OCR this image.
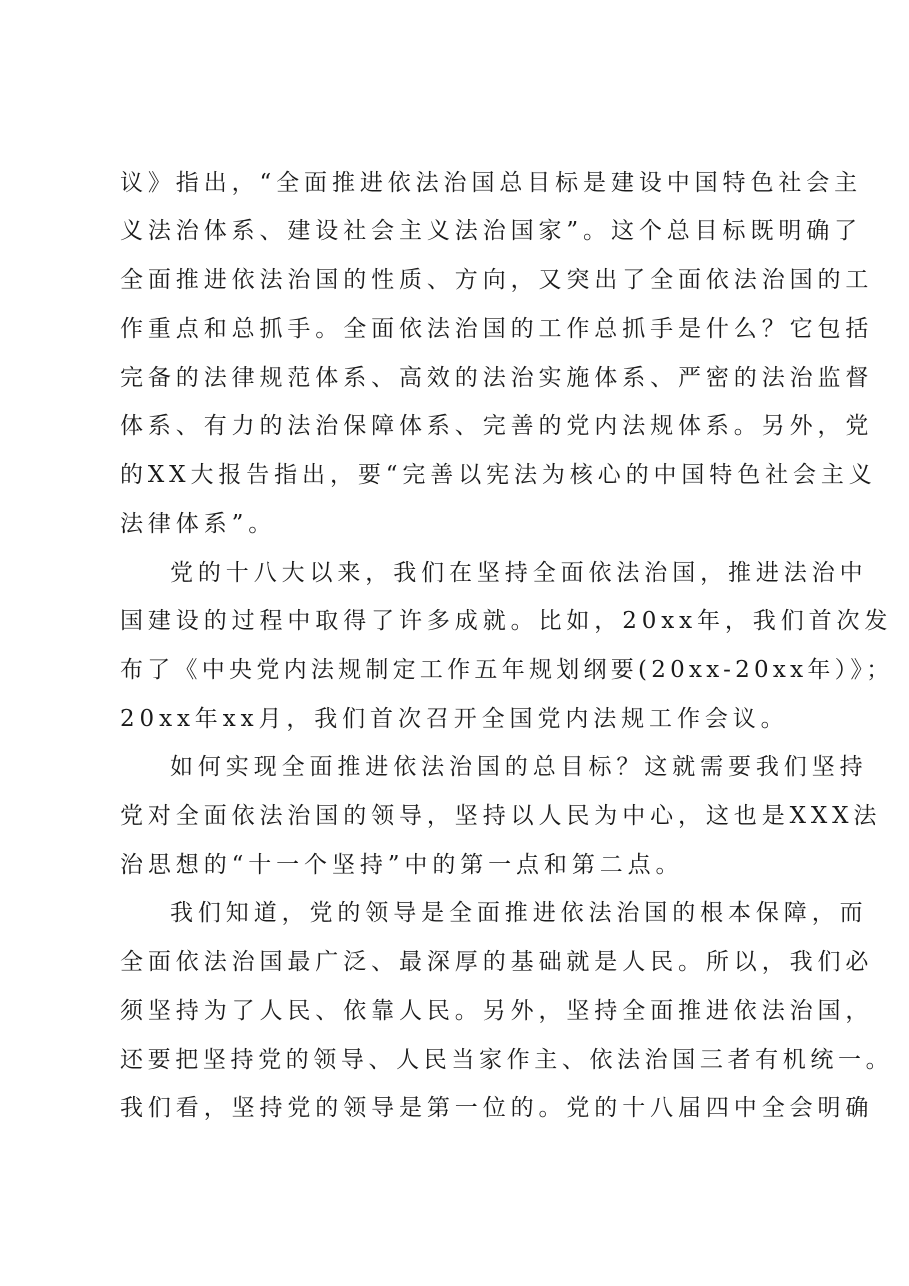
议》指出，“全面推进依法治国总目标是建设中国特色社会主
义法治体系、建设社会主义法治国家”。这个总目标既明确了
全面推进依法治国的性质、方向，又突出了全面依法治国的工
作重点和总抓手。全面依法治国的工作总抓手是什么？它包括
完备的法律规范体系、高效的法治实施体系、严密的法治监督
体系、有力的法治保障体系、完善的党内法规体系。另外，党
的XX大报告指出，要“完善以宪法为核心的中国特色社会主义
法律体系”。
党的十八大以来，我们在坚持全面依法治国，推进法治中
国建设的过程中取得了许多成就。比如，20xx年，我们首次发
布了《中央党内法规制定工作五年规划纲要(20xx-20xx年）》；
20xx年xx月，我们首次召开全国党内法规工作会议。
如何实现全面推进依法治国的总目标？这就需要我们坚持
党对全面依法治国的领导，坚持以人民为中心，这也是XXX法
治思想的“十一个坚持”中的第一点和第二点。
我们知道，党的领导是全面推进依法治国的根本保障，而
全面依法治国最广泛、最深厚的基础就是人民。所以，我们必
须坚持为了人民、依靠人民。另外，坚持全面推进依法治国，
还要把坚持党的领导、人民当家作主、依法治国三者有机统一。
我们看，坚持党的领导是第一位的。党的十八届四中全会明确
